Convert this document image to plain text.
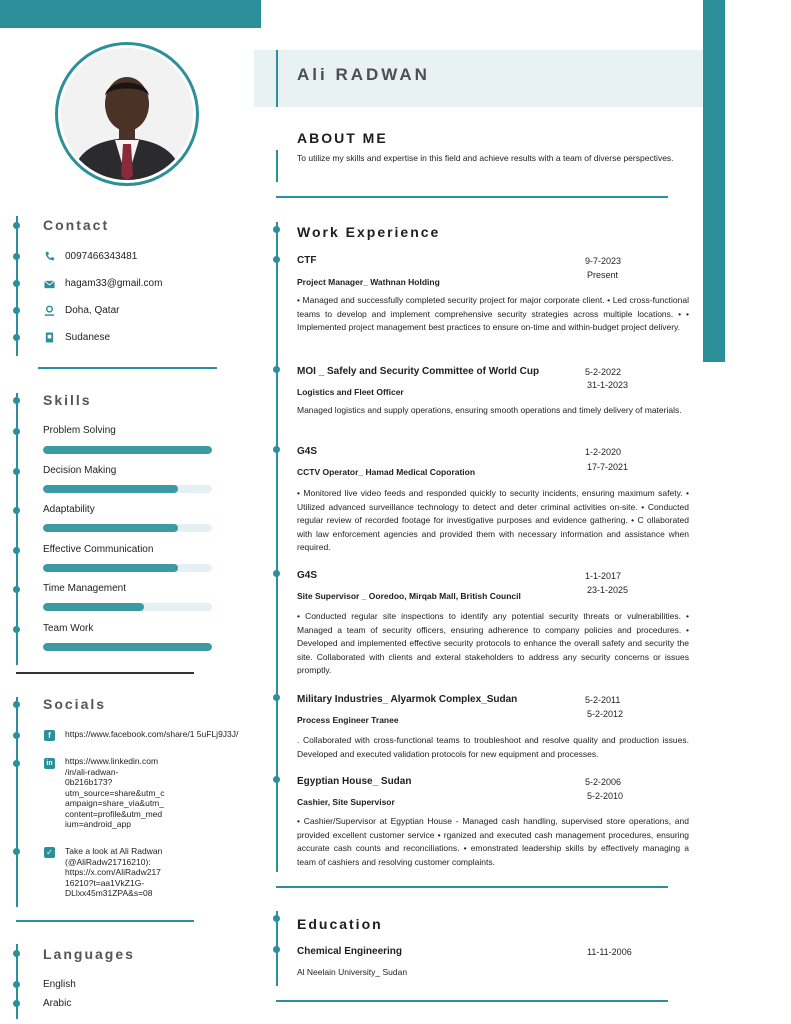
Ali RADWAN
Contact
0097466343481
hagam33@gmail.com
Doha, Qatar
Sudanese
Skills
Problem Solving
Decision Making
Adaptability
Effective Communication
Time Management
Team Work
Socials
f	https://www.facebook.com/share/1 5uFLj9J3J/
in https://www.linkedin.com
/in/ali-radwan-
0b216b173?
utm_source=share&utm_c
ampaign=share_via&utm_
content=profile&utm_med
ium=android_app
✓ Take a look at Ali Radwan
(@AliRadw21716210):
https://x.com/AliRadw217
16210?t=aa1VkZ1G-
DLlxx45m31ZPA&s=08
Languages
English
Arabic
ABOUT ME
To utilize my skills and expertise in this field and achieve results with a team of diverse perspectives.
Work Experience
CTF	9-7-2023
Present
Project Manager_ Wathnan Holding
• Managed and successfully completed security project for major corporate client. • Led cross-functional teams to develop and implement comprehensive security strategies across multiple locations. • • Implemented project management best practices to ensure on-time and within-budget project delivery.
MOI _ Safely and Security Committee of World Cup	5-2-2022
31-1-2023
Logistics and Fleet Officer
Managed logistics and supply operations, ensuring smooth operations and timely delivery of materials.
G4S	1-2-2020
17-7-2021
CCTV Operator_ Hamad Medical Coporation
• Monitored live video feeds and responded quickly to security incidents, ensuring maximum safety. • Utilized advanced surveillance technology to detect and deter criminal activities on-site. • Conducted regular review of recorded footage for investigative purposes and evidence gathering. • C ollaborated with law enforcement agencies and provided them with necessary information and assistance when required.
G4S	1-1-2017
23-1-2025
Site Supervisor _ Ooredoo, Mirqab Mall, British Council
• Conducted regular site inspections to identify any potential security threats or vulnerabilities. • Managed a team of security officers, ensuring adherence to company policies and procedures. • Developed and implemented effective security protocols to enhance the overall safety and security the site. Collaborated with clients and exteral stakeholders to address any security concerns or issues promptly.
Military Industries_ Alyarmok Complex_Sudan	5-2-2011
5-2-2012
Process Engineer Tranee
. Collaborated with cross-functional teams to troubleshoot and resolve quality and production issues. Developed and executed validation protocols for new equipment and processes.
Egyptian House_ Sudan	5-2-2006
5-2-2010
Cashier, Site Supervisor
• Cashier/Supervisor at Egyptian House - Managed cash handling, supervised store operations, and provided excellent customer service • rganized and executed cash management procedures, ensuring accurate cash counts and reconciliations. • emonstrated leadership skills by effectively managing a team of cashiers and resolving customer complaints.
Education
Chemical Engineering	11-11-2006
Al Neelain University_ Sudan
